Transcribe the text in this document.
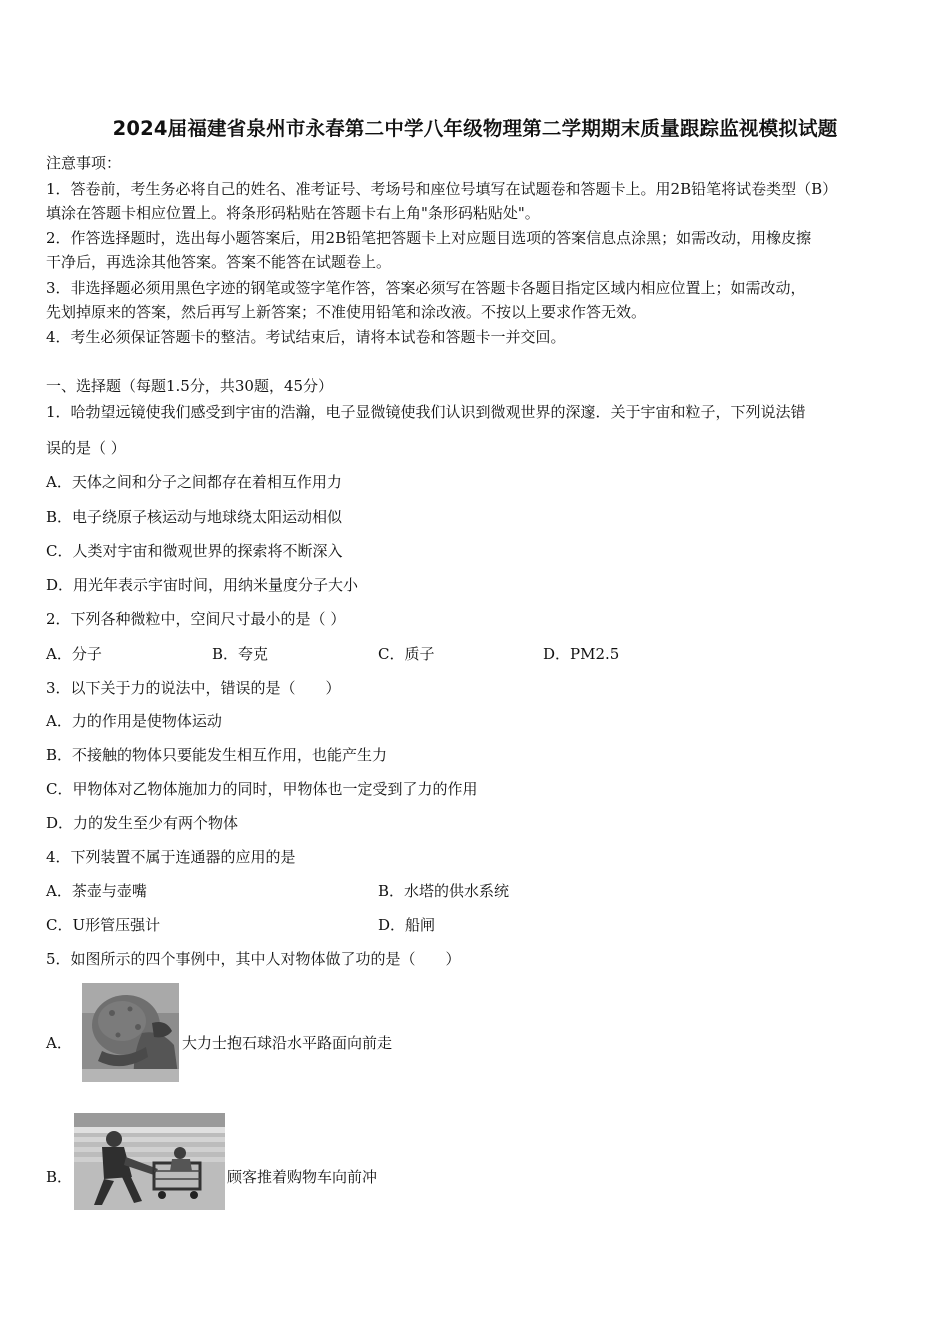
2024届福建省泉州市永春第二中学八年级物理第二学期期末质量跟踪监视模拟试题
注意事项：
1．答卷前，考生务必将自己的姓名、准考证号、考场号和座位号填写在试题卷和答题卡上。用2B铅笔将试卷类型（B）
填涂在答题卡相应位置上。将条形码粘贴在答题卡右上角"条形码粘贴处"。
2．作答选择题时，选出每小题答案后，用2B铅笔把答题卡上对应题目选项的答案信息点涂黑；如需改动，用橡皮擦
干净后，再选涂其他答案。答案不能答在试题卷上。
3．非选择题必须用黑色字迹的钢笔或签字笔作答，答案必须写在答题卡各题目指定区域内相应位置上；如需改动，
先划掉原来的答案，然后再写上新答案；不准使用铅笔和涂改液。不按以上要求作答无效。
4．考生必须保证答题卡的整洁。考试结束后，请将本试卷和答题卡一并交回。
一、选择题（每题1.5分，共30题，45分）
1．哈勃望远镜使我们感受到宇宙的浩瀚，电子显微镜使我们认识到微观世界的深邃．关于宇宙和粒子，下列说法错
误的是（ ）
A．天体之间和分子之间都存在着相互作用力
B．电子绕原子核运动与地球绕太阳运动相似
C．人类对宇宙和微观世界的探索将不断深入
D．用光年表示宇宙时间，用纳米量度分子大小
2．下列各种微粒中，空间尺寸最小的是（ ）
A．分子	B．夸克	C．质子	D．PM2.5
3．以下关于力的说法中，错误的是（　　）
A．力的作用是使物体运动
B．不接触的物体只要能发生相互作用，也能产生力
C．甲物体对乙物体施加力的同时，甲物体也一定受到了力的作用
D．力的发生至少有两个物体
4．下列装置不属于连通器的应用的是
A．茶壶与壶嘴	B．水塔的供水系统
C．U形管压强计	D．船闸
5．如图所示的四个事例中，其中人对物体做了功的是（　　）
A．	大力士抱石球沿水平路面向前走
B．	顾客推着购物车向前冲
